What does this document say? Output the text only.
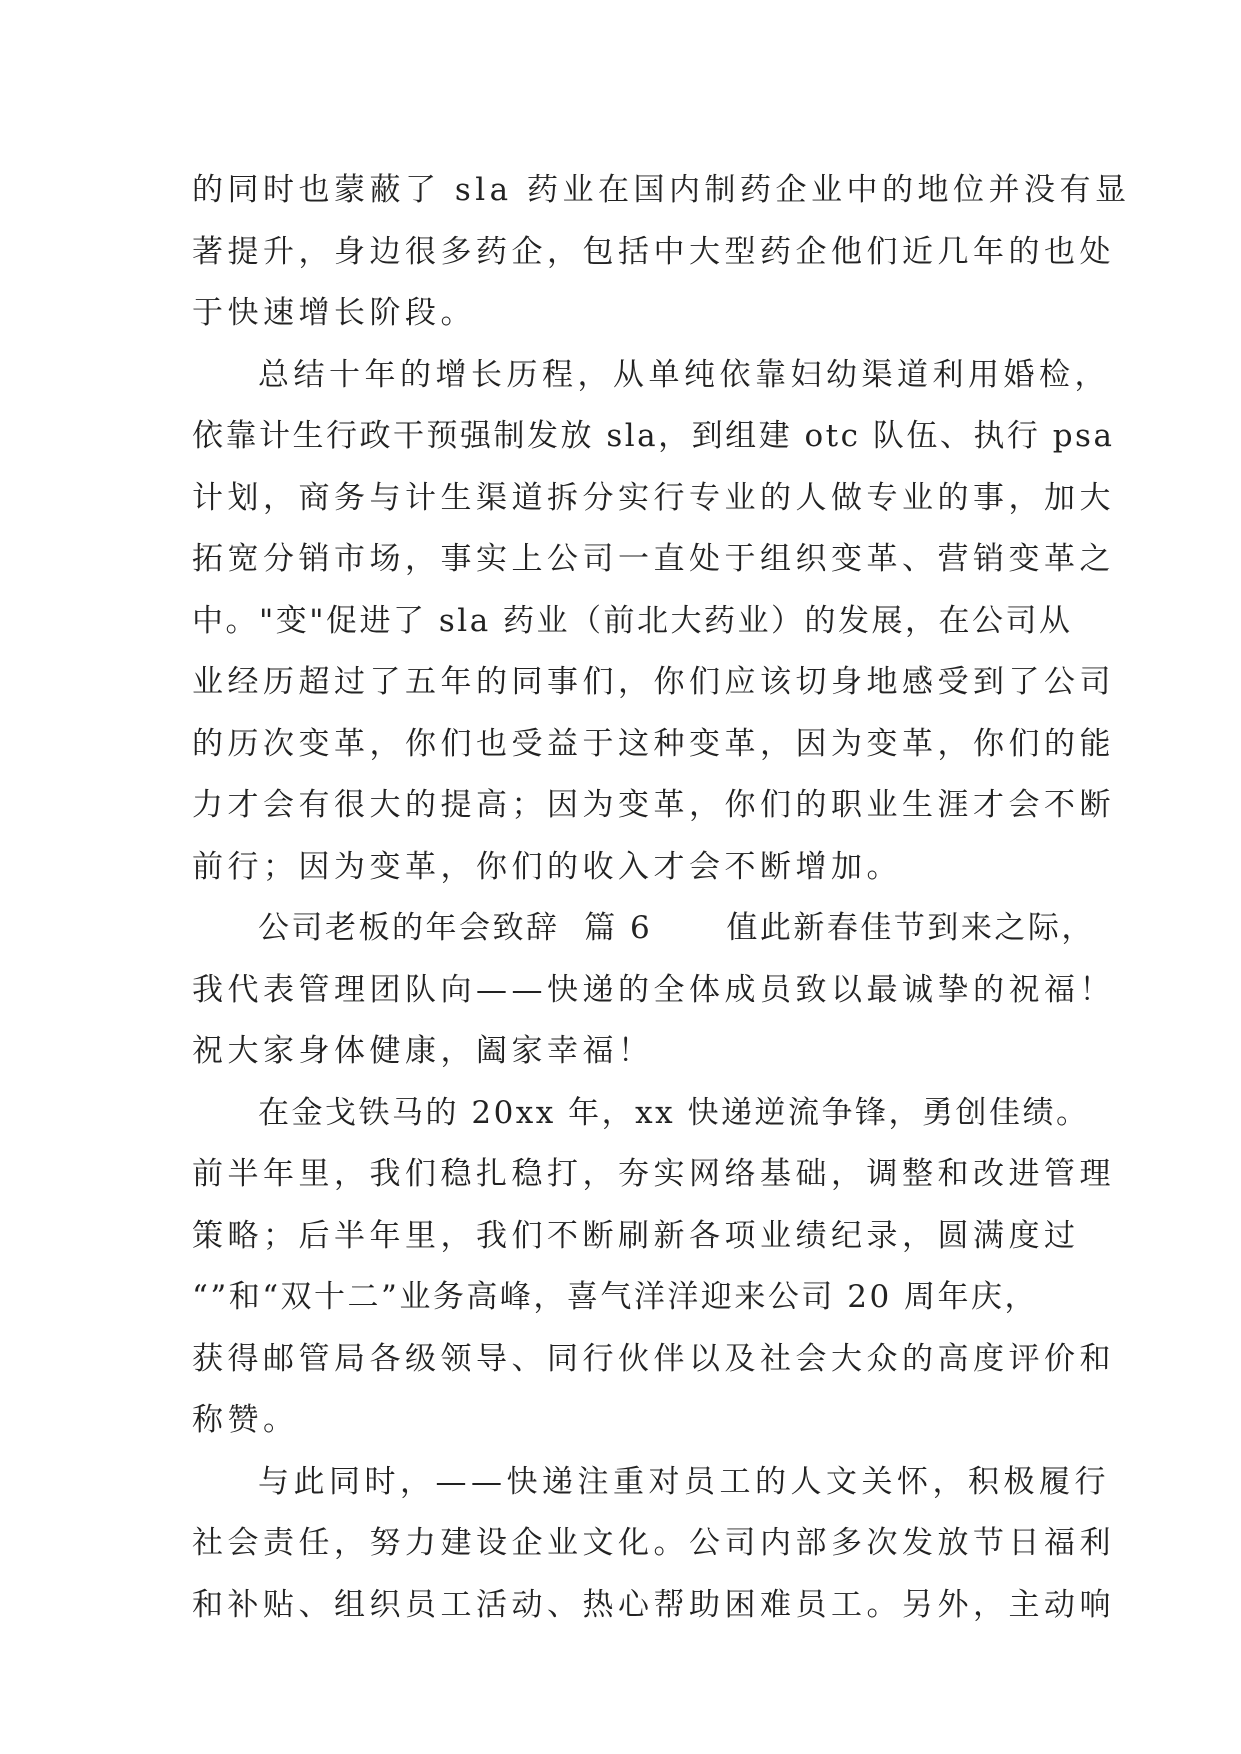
的同时也蒙蔽了 sla 药业在国内制药企业中的地位并没有显
著提升，身边很多药企，包括中大型药企他们近几年的也处
于快速增长阶段。
总结十年的增长历程，从单纯依靠妇幼渠道利用婚检，
依靠计生行政干预强制发放 sla，到组建 otc 队伍、执行 psa
计划，商务与计生渠道拆分实行专业的人做专业的事，加大
拓宽分销市场，事实上公司一直处于组织变革、营销变革之
中。"变"促进了 sla 药业（前北大药业）的发展，在公司从
业经历超过了五年的同事们，你们应该切身地感受到了公司
的历次变革，你们也受益于这种变革，因为变革，你们的能
力才会有很大的提高；因为变革，你们的职业生涯才会不断
前行；因为变革，你们的收入才会不断增加。
公司老板的年会致辞  篇 6      值此新春佳节到来之际，
我代表管理团队向——快递的全体成员致以最诚挚的祝福！
祝大家身体健康，阖家幸福！
在金戈铁马的 20xx 年，xx 快递逆流争锋，勇创佳绩。
前半年里，我们稳扎稳打，夯实网络基础，调整和改进管理
策略；后半年里，我们不断刷新各项业绩纪录，圆满度过
“”和“双十二”业务高峰，喜气洋洋迎来公司 20 周年庆，
获得邮管局各级领导、同行伙伴以及社会大众的高度评价和
称赞。
与此同时，——快递注重对员工的人文关怀，积极履行
社会责任，努力建设企业文化。公司内部多次发放节日福利
和补贴、组织员工活动、热心帮助困难员工。另外，主动响
